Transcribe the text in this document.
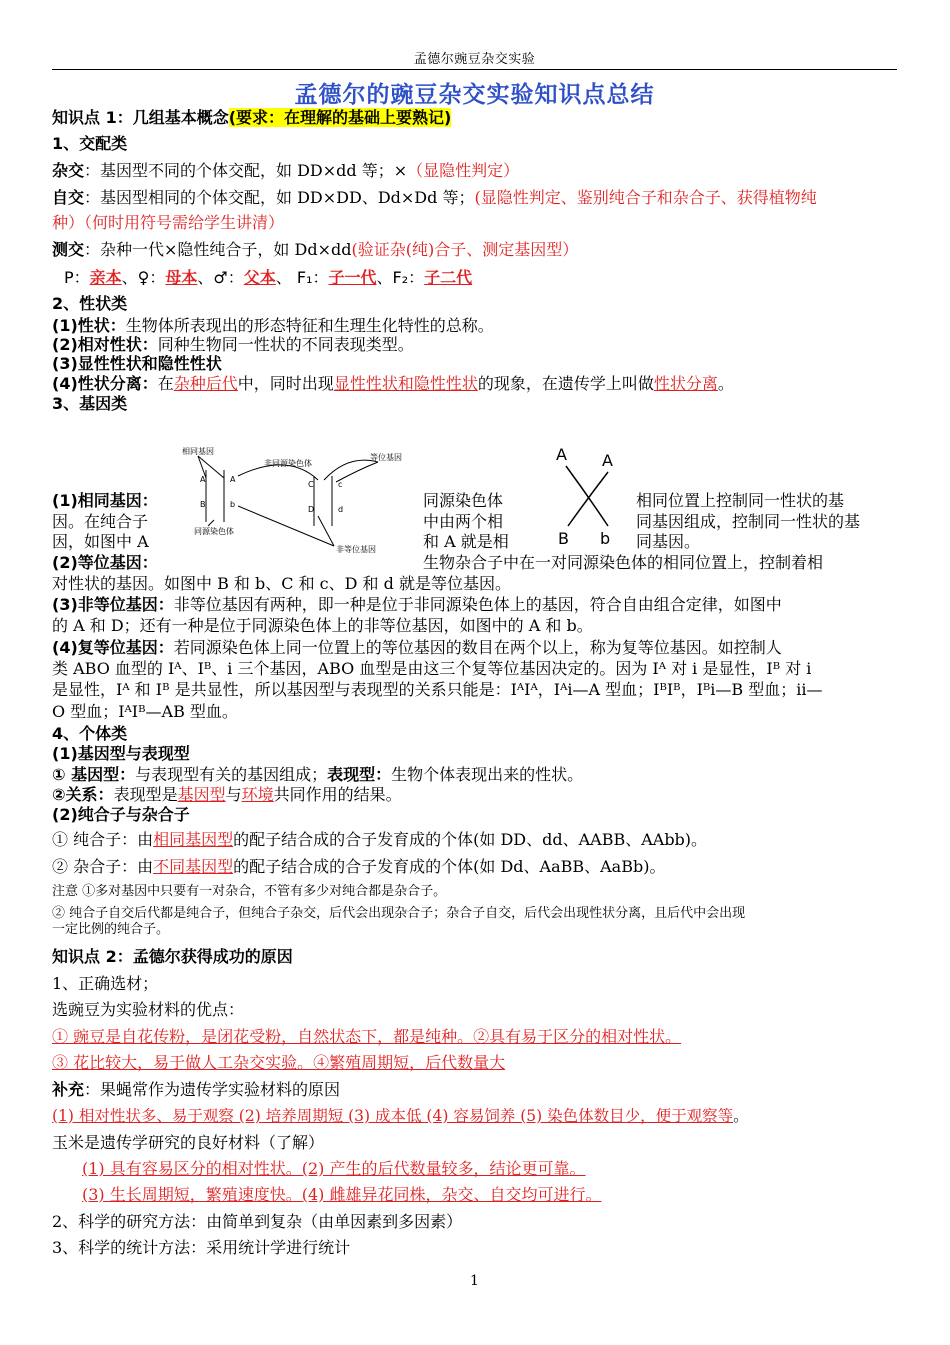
孟德尔豌豆杂交实验
孟德尔的豌豆杂交实验知识点总结
知识点 1：几组基本概念(要求：在理解的基础上要熟记)
1、交配类
杂交：基因型不同的个体交配，如 DD×dd 等；×（显隐性判定）
自交：基因型相同的个体交配，如 DD×DD、Dd×Dd 等；(显隐性判定、鉴别纯合子和杂合子、获得植物纯
种）（何时用符号需给学生讲清）
测交：杂种一代×隐性纯合子，如 Dd×dd(验证杂(纯)合子、测定基因型）
P：亲本、♀：母本、♂：父本、 F₁：子一代、F₂：子二代
2、性状类
(1)性状：生物体所表现出的形态特征和生理生化特性的总称。
(2)相对性状：同种生物同一性状的不同表现类型。
(3)显性性状和隐性性状
(4)性状分离：在杂种后代中，同时出现显性性状和隐性性状的现象，在遗传学上叫做性状分离。
3、基因类
相同基因
非同源染色体
等位基因
同源染色体
非等位基因
A	A
B	b
C	c
D	d
A A
B b
(1)相同基因：
因。在纯合子
因，如图中 A
同源染色体
中由两个相
和 A 就是相
相同位置上控制同一性状的基
同基因组成，控制同一性状的基
同基因。
(2)等位基因：	生物杂合子中在一对同源染色体的相同位置上，控制着相
对性状的基因。如图中 B 和 b、C 和 c、D 和 d 就是等位基因。
(3)非等位基因：非等位基因有两种，即一种是位于非同源染色体上的基因，符合自由组合定律，如图中
的 A 和 D；还有一种是位于同源染色体上的非等位基因，如图中的 A 和 b。
(4)复等位基因：若同源染色体上同一位置上的等位基因的数目在两个以上，称为复等位基因。如控制人
类 ABO 血型的 Iᴬ、Iᴮ、i 三个基因，ABO 血型是由这三个复等位基因决定的。因为 Iᴬ 对 i 是显性，Iᴮ 对 i
是显性，Iᴬ 和 Iᴮ 是共显性，所以基因型与表现型的关系只能是：IᴬIᴬ，Iᴬi—A 型血；IᴮIᴮ，Iᴮi—B 型血；ii—
O 型血；IᴬIᴮ—AB 型血。
4、个体类
(1)基因型与表现型
① 基因型：与表现型有关的基因组成；表现型：生物个体表现出来的性状。
②关系：表现型是基因型与环境共同作用的结果。
(2)纯合子与杂合子
① 纯合子：由相同基因型的配子结合成的合子发育成的个体(如 DD、dd、AABB、AAbb)。
② 杂合子：由不同基因型的配子结合成的合子发育成的个体(如 Dd、AaBB、AaBb)。
注意 ①多对基因中只要有一对杂合，不管有多少对纯合都是杂合子。
② 纯合子自交后代都是纯合子，但纯合子杂交，后代会出现杂合子；杂合子自交，后代会出现性状分离，且后代中会出现
一定比例的纯合子。
知识点 2：孟德尔获得成功的原因
1、正确选材；
选豌豆为实验材料的优点：
① 豌豆是自花传粉，是闭花受粉，自然状态下，都是纯种。②具有易于区分的相对性状。
③ 花比较大，易于做人工杂交实验。④繁殖周期短，后代数量大
补充：果蝇常作为遗传学实验材料的原因
(1) 相对性状多、易于观察 (2) 培养周期短 (3) 成本低 (4) 容易饲养 (5) 染色体数目少，便于观察等。
玉米是遗传学研究的良好材料（了解）
(1) 具有容易区分的相对性状。(2) 产生的后代数量较多，结论更可靠。
(3) 生长周期短，繁殖速度快。(4) 雌雄异花同株，杂交、自交均可进行。
2、科学的研究方法：由简单到复杂（由单因素到多因素）
3、科学的统计方法：采用统计学进行统计
1
